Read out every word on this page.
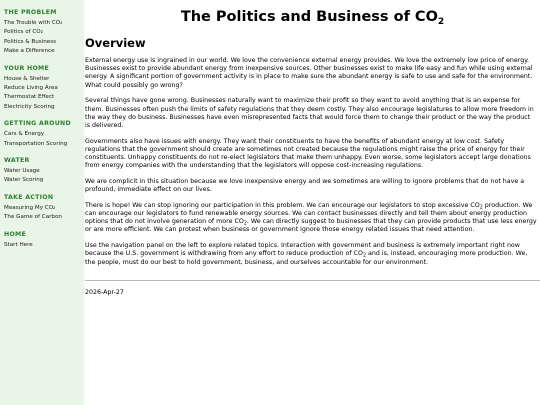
THE PROBLEM
The Trouble with CO₂
Politics of CO₂
Politics & Business
Make a Difference
YOUR HOME
House & Shelter
Reduce Living Area
Thermostat Effect
Electricity Scoring
GETTING AROUND
Cars & Energy
Transportation Scoring
WATER
Water Usage
Water Scoring
TAKE ACTION
Measuring My CO₂
The Game of Carbon
HOME
Start Here
The Politics and Business of $CO_2$
Overview

External energy use is ingrained in our world. We love the convenience external energy provides. We love the extremely low price of energy. Businesses exist to provide abundant energy from inexpensive sources. Other businesses exist to make life easy and fun while using external energy. A significant portion of government activity is in place to make sure the abundant energy is safe to use and safe for the environment. What could possibly go wrong?

Several things have gone wrong. Businesses naturally want to maximize their profit so they want to avoid anything that is an expense for them. Businesses often push the limits of safety regulations that they deem costly. They also encourage legislatures to allow more freedom in the way they do business. Businesses have even misrepresented facts that would force them to change their product or the way the product is delivered.

Governments also have issues with energy. They want their constituents to have the benefits of abundant energy at low cost. Safety regulations that the government should create are sometimes not created because the regulations might raise the price of energy for their constituents. Unhappy constituents do not re-elect legislators that make them unhappy. Even worse, some legislators accept large donations from energy companies with the understanding that the legislators will oppose cost-increasing regulations.

We are complicit in this situation because we love inexpensive energy and we sometimes are willing to ignore problems that do not have a profound, immediate effect on our lives.

There is hope! We can stop ignoring our participation in this problem. We can encourage our legislators to stop excessive $CO_2$ production. We can encourage our legislators to fund renewable energy sources. We can contact businesses directly and tell them about energy production options that do not involve generation of more $CO_2$. We can directly suggest to businesses that they can provide products that use less energy or are more efficient. We can protest when business or government ignore those energy related issues that need attention.

Use the navigation panel on the left to explore related topics. Interaction with government and business is extremely important right now because the U.S. government is withdrawing from any effort to reduce production of $CO_2$ and is, instead, encouraging more production. We, the people, must do our best to hold government, business, and ourselves accountable for our environment.

2026-Apr-27
